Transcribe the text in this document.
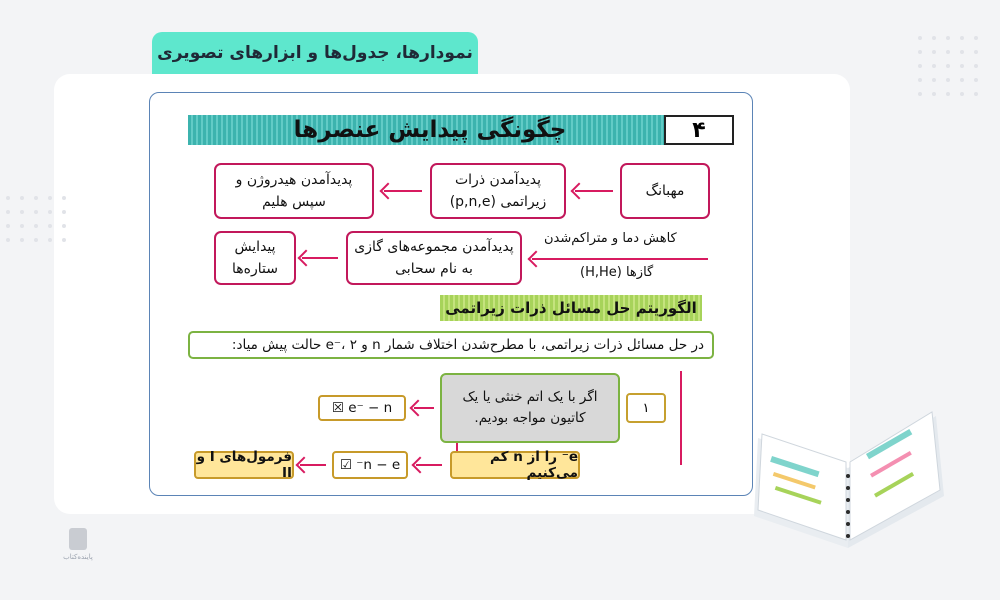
نمودارها، جدول‌ها و ابزارهای تصویری
چگونگی پیدایش عنصرها	۴
مهبانگ
پدیدآمدن ذرات زیراتمی (p,n,e)
پدیدآمدن هیدروژن و سپس هلیم
کاهش دما و متراکم‌شدن
گازها (H,He)
پدیدآمدن مجموعه‌های گازی به نام سحابی
پیدایش ستاره‌ها
الگوریتم حل مسائل ذرات زیراتمی
در حل مسائل ذرات زیراتمی، با مطرح‌شدن اختلاف شمار n و e⁻، ۲ حالت پیش میاد:
۱
اگر با یک اتم خنثی یا یک کاتیون مواجه بودیم.
e⁻ − n ☒
e⁻ را از n کم می‌کنیم
n − e⁻ ☑
فرمول‌های I و II
پاینده‌کتاب
